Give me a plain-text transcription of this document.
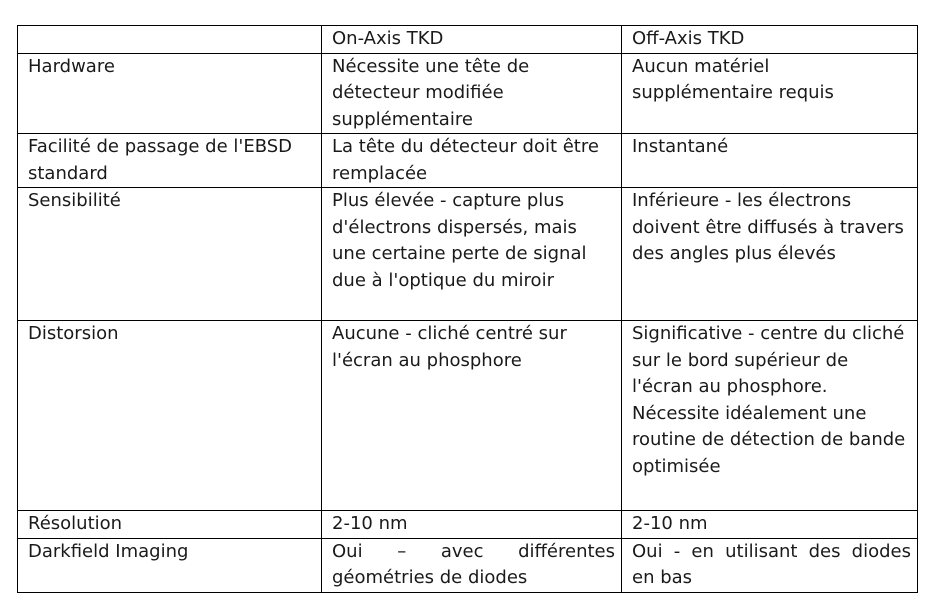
	On-Axis TKD	Off-Axis TKD
Hardware	Nécessite une tête de détecteur modifiée supplémentaire	Aucun matériel supplémentaire requis
Facilité de passage de l'EBSD standard	La tête du détecteur doit être remplacée	Instantané
Sensibilité	Plus élevée - capture plus d'électrons dispersés, mais une certaine perte de signal due à l'optique du miroir	Inférieure - les électrons doivent être diffusés à travers des angles plus élevés
Distorsion	Aucune - cliché centré sur l'écran au phosphore	Significative - centre du cliché sur le bord supérieur de l'écran au phosphore. Nécessite idéalement une routine de détection de bande optimisée
Résolution	2-10 nm	2-10 nm
Darkfield Imaging	Oui – avec différentes géométries de diodes	Oui - en utilisant des diodes en bas
